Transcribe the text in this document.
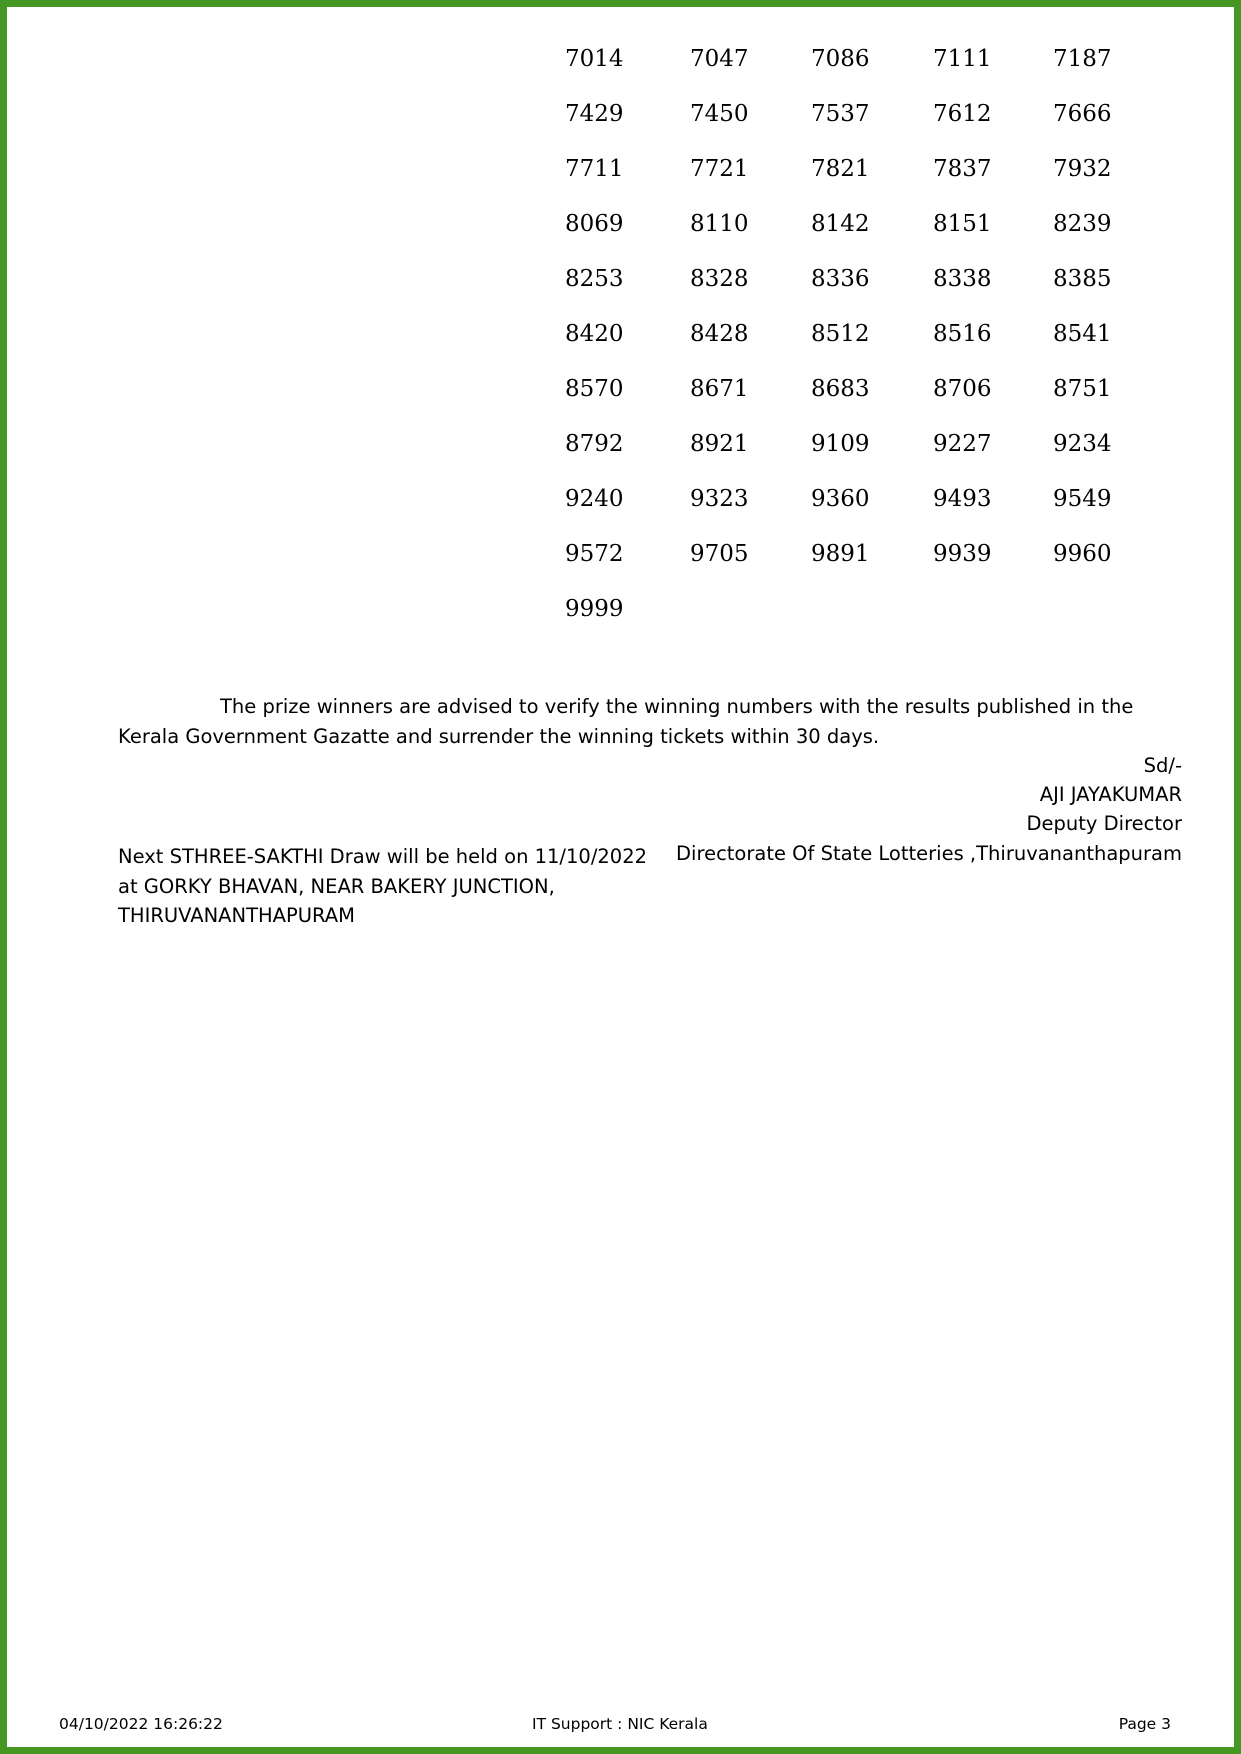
7014	7047	7086	7111	7187
7429	7450	7537	7612	7666
7711	7721	7821	7837	7932
8069	8110	8142	8151	8239
8253	8328	8336	8338	8385
8420	8428	8512	8516	8541
8570	8671	8683	8706	8751
8792	8921	9109	9227	9234
9240	9323	9360	9493	9549
9572	9705	9891	9939	9960
9999

The prize winners are advised to verify the winning numbers with the results published in the Kerala Government Gazatte and surrender the winning tickets within 30 days.

Sd/-
AJI JAYAKUMAR
Deputy Director
Directorate Of State Lotteries ,Thiruvananthapuram

Next STHREE-SAKTHI Draw will be held on 11/10/2022
at GORKY BHAVAN, NEAR BAKERY JUNCTION,
THIRUVANANTHAPURAM

04/10/2022 16:26:22	IT Support : NIC Kerala	Page 3
